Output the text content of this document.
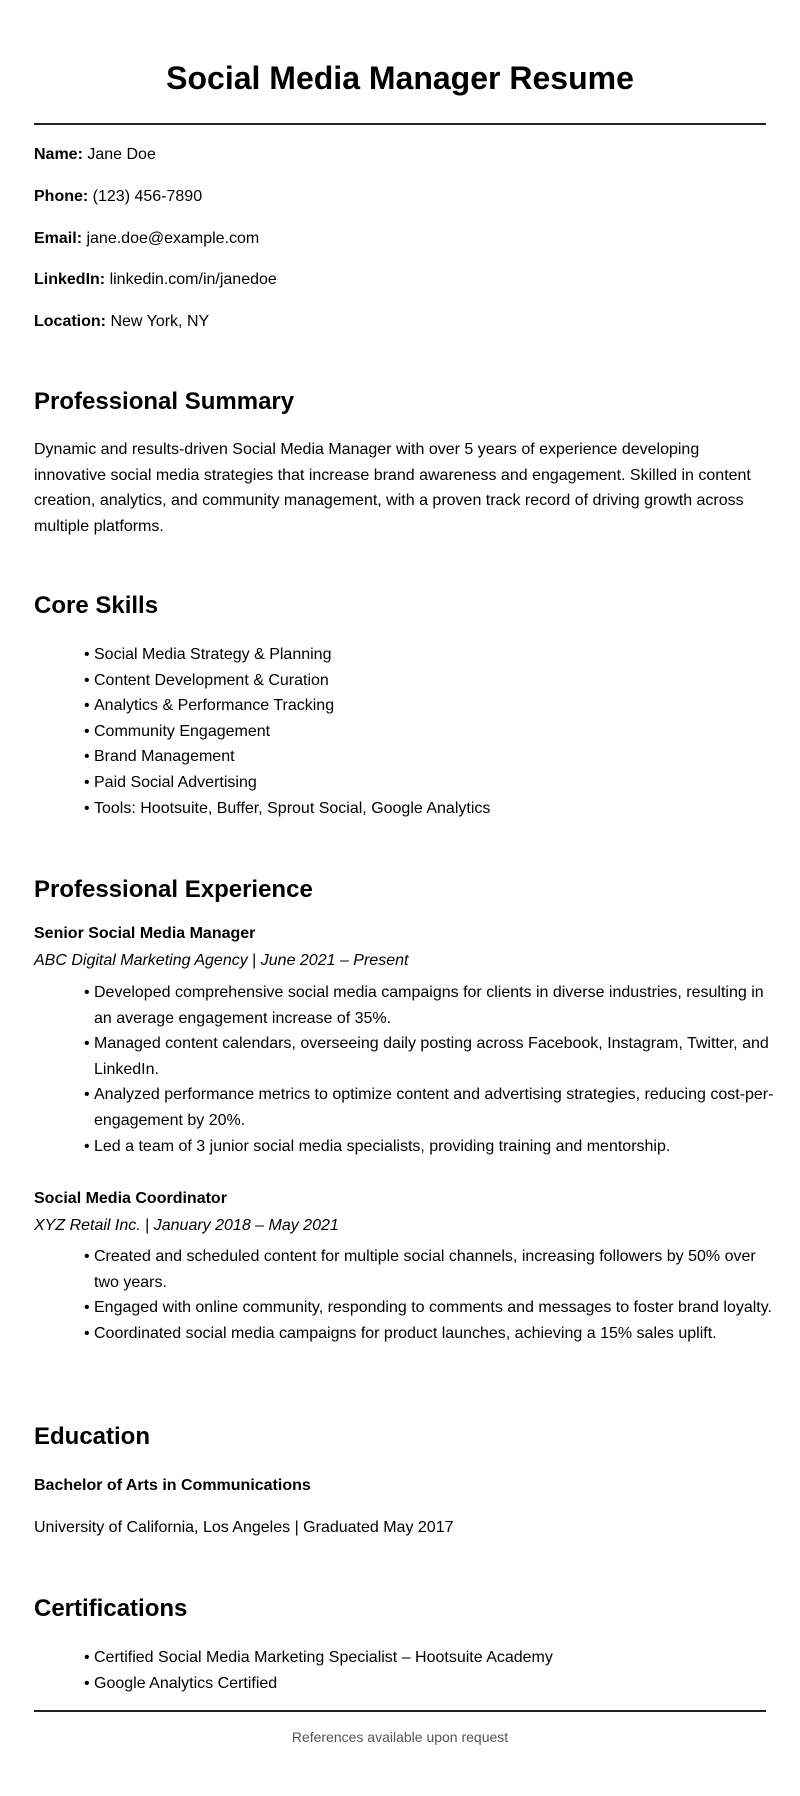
Social Media Manager Resume

Name: Jane Doe

Phone: (123) 456-7890

Email: jane.doe@example.com

LinkedIn: linkedin.com/in/janedoe

Location: New York, NY

Professional Summary

Dynamic and results-driven Social Media Manager with over 5 years of experience developing innovative social media strategies that increase brand awareness and engagement. Skilled in content creation, analytics, and community management, with a proven track record of driving growth across multiple platforms.

Core Skills
• Social Media Strategy & Planning
• Content Development & Curation
• Analytics & Performance Tracking
• Community Engagement
• Brand Management
• Paid Social Advertising
• Tools: Hootsuite, Buffer, Sprout Social, Google Analytics
Professional Experience

Senior Social Media Manager

ABC Digital Marketing Agency | June 2021 – Present

• Developed comprehensive social media campaigns for clients in diverse industries, resulting in an average engagement increase of 35%.
• Managed content calendars, overseeing daily posting across Facebook, Instagram, Twitter, and LinkedIn.
• Analyzed performance metrics to optimize content and advertising strategies, reducing cost-per-engagement by 20%.
• Led a team of 3 junior social media specialists, providing training and mentorship.

Social Media Coordinator

XYZ Retail Inc. | January 2018 – May 2021

• Created and scheduled content for multiple social channels, increasing followers by 50% over two years.
• Engaged with online community, responding to comments and messages to foster brand loyalty.
• Coordinated social media campaigns for product launches, achieving a 15% sales uplift.
Education

Bachelor of Arts in Communications

University of California, Los Angeles | Graduated May 2017

Certifications
• Certified Social Media Marketing Specialist – Hootsuite Academy
• Google Analytics Certified

References available upon request
